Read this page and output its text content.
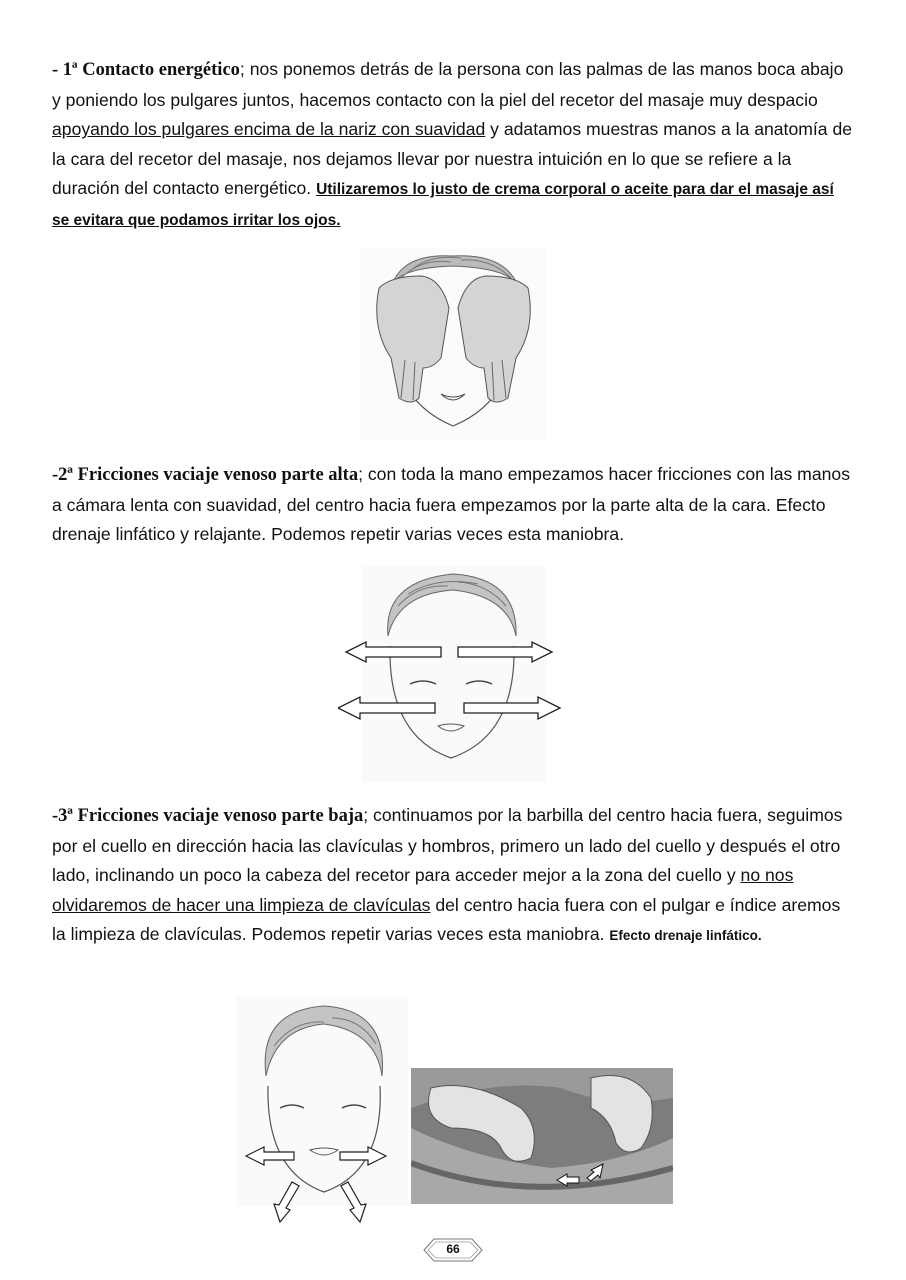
- 1ª Contacto energético; nos ponemos detrás de la persona con las palmas de las manos boca abajo y poniendo los pulgares juntos, hacemos contacto con la piel del recetor del masaje muy despacio apoyando los pulgares encima de la nariz con suavidad y adatamos muestras manos a la anatomía de la cara del recetor del masaje, nos dejamos llevar por nuestra intuición en lo que se refiere a la duración del contacto energético. Utilizaremos lo justo de crema corporal o aceite para dar el masaje así se evitara que podamos irritar los ojos.

-2ª Fricciones vaciaje venoso parte alta; con toda la mano empezamos hacer fricciones con las manos a cámara lenta con suavidad, del centro hacia fuera empezamos por la parte alta de la cara. Efecto drenaje linfático y relajante. Podemos repetir varias veces esta maniobra.

-3ª Fricciones vaciaje venoso parte baja; continuamos por la barbilla del centro hacia fuera, seguimos por el cuello en dirección hacia las clavículas y hombros, primero un lado del cuello y después el otro lado, inclinando un poco la cabeza del recetor para acceder mejor a la zona del cuello y no nos olvidaremos de hacer una limpieza de clavículas del centro hacia fuera con el pulgar e índice aremos la limpieza de clavículas. Podemos repetir varias veces esta maniobra. Efecto drenaje linfático.

66
